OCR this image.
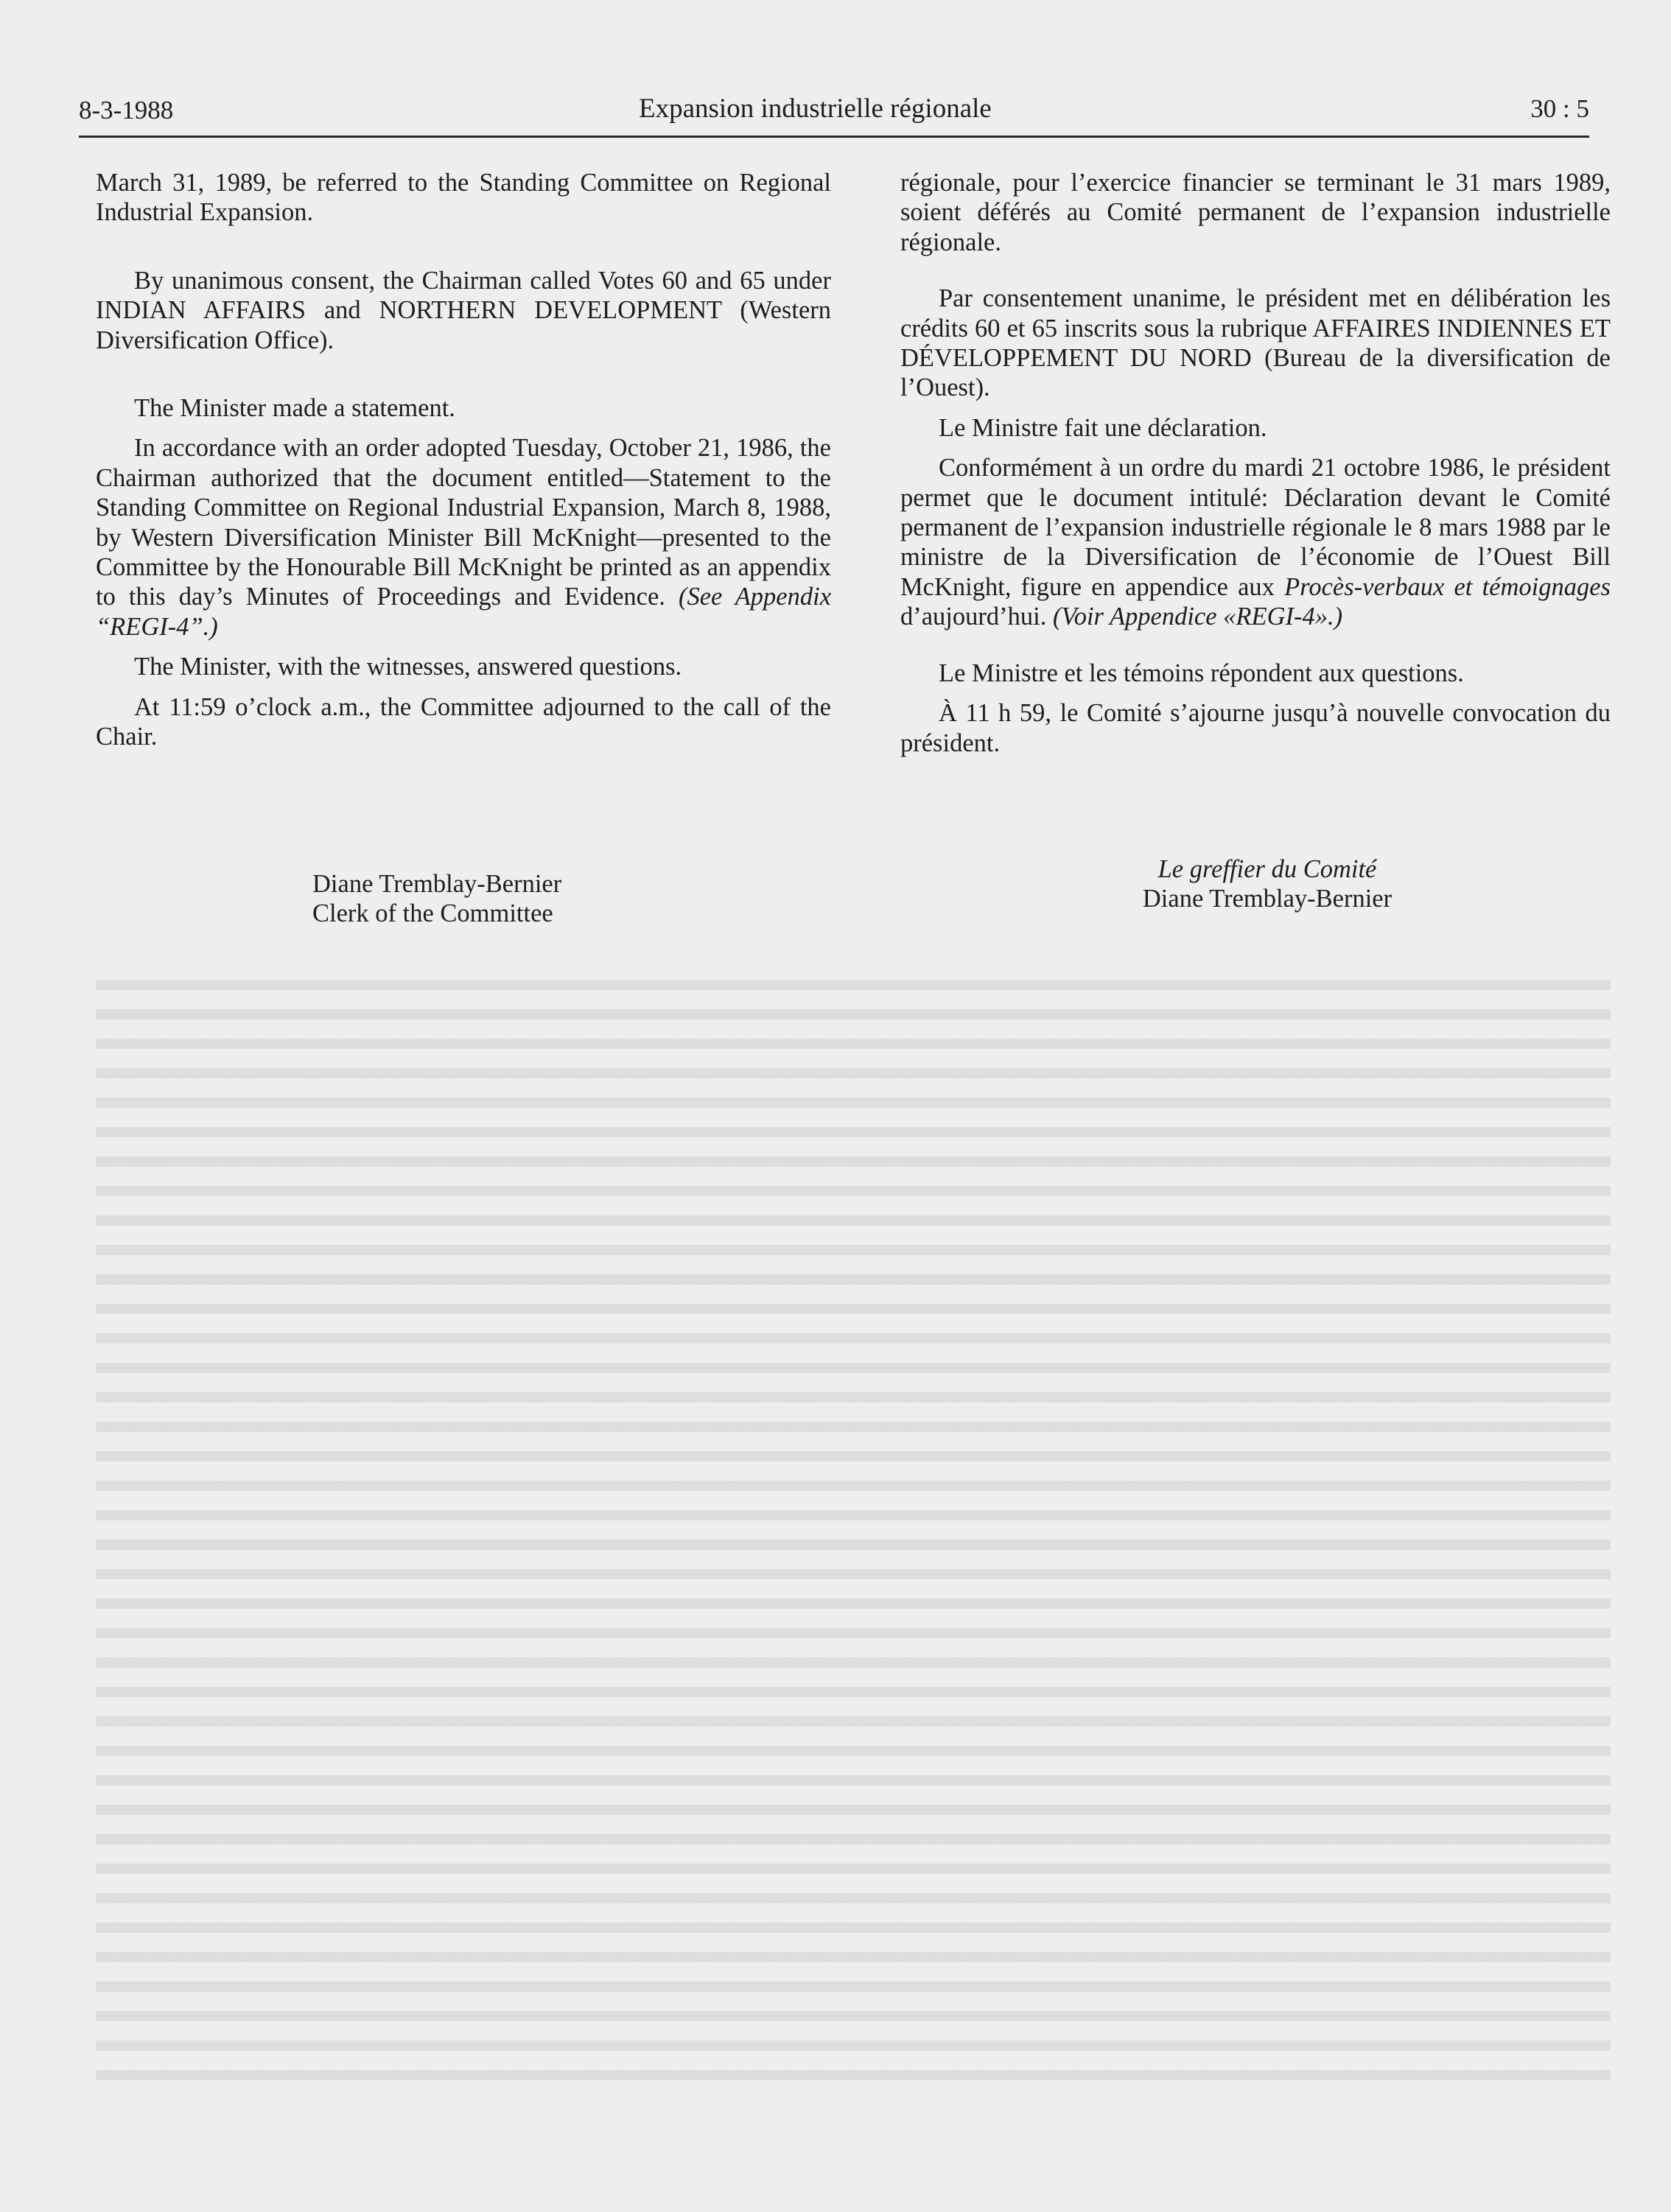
8-3-1988	Expansion industrielle régionale	30 : 5

March 31, 1989, be referred to the Standing Committee on Regional Industrial Expansion.

By unanimous consent, the Chairman called Votes 60 and 65 under INDIAN AFFAIRS and NORTHERN DEVELOPMENT (Western Diversification Office).

The Minister made a statement.

In accordance with an order adopted Tuesday, October 21, 1986, the Chairman authorized that the document entitled—Statement to the Standing Committee on Regional Industrial Expansion, March 8, 1988, by Western Diversification Minister Bill McKnight—presented to the Committee by the Honourable Bill McKnight be printed as an appendix to this day’s Minutes of Proceedings and Evidence. (See Appendix “REGI-4”.)

The Minister, with the witnesses, answered questions.

At 11:59 o’clock a.m., the Committee adjourned to the call of the Chair.

Diane Tremblay-Bernier
Clerk of the Committee

régionale, pour l’exercice financier se terminant le 31 mars 1989, soient déférés au Comité permanent de l’expansion industrielle régionale.

Par consentement unanime, le président met en délibération les crédits 60 et 65 inscrits sous la rubrique AFFAIRES INDIENNES ET DÉVELOPPEMENT DU NORD (Bureau de la diversification de l’Ouest).

Le Ministre fait une déclaration.

Conformément à un ordre du mardi 21 octobre 1986, le président permet que le document intitulé: Déclaration devant le Comité permanent de l’expansion industrielle régionale le 8 mars 1988 par le ministre de la Diversification de l’économie de l’Ouest Bill McKnight, figure en appendice aux Procès-verbaux et témoignages d’aujourd’hui. (Voir Appendice «REGI-4».)

Le Ministre et les témoins répondent aux questions.

À 11 h 59, le Comité s’ajourne jusqu’à nouvelle convocation du président.

Le greffier du Comité
Diane Tremblay-Bernier
